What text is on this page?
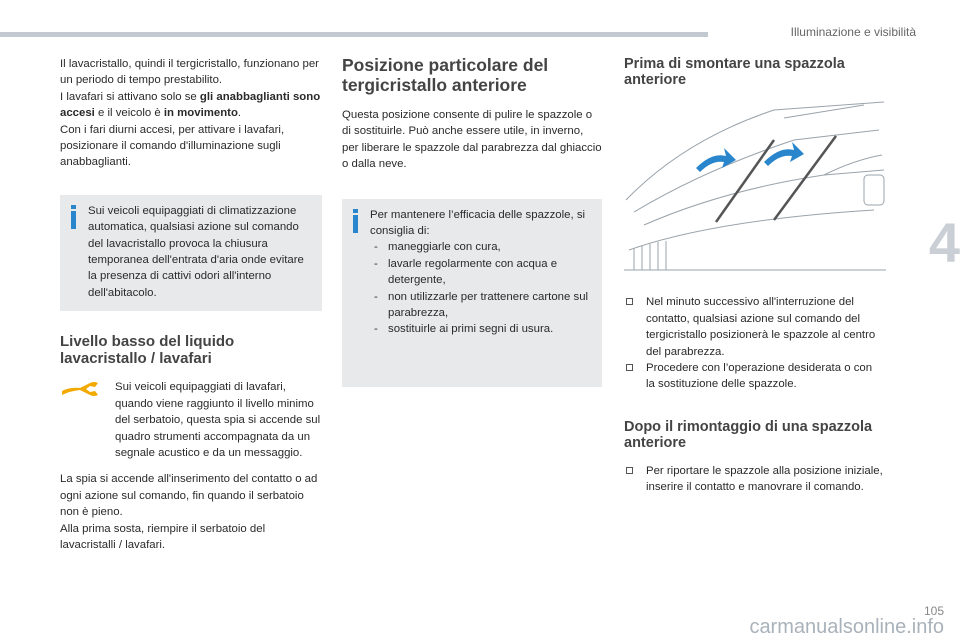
Illuminazione e visibilità
4

Il lavacristallo, quindi il tergicristallo, funzionano per un periodo di tempo prestabilito.
I lavafari si attivano solo se gli anabbaglianti sono accesi e il veicolo è in movimento.
Con i fari diurni accesi, per attivare i lavafari, posizionare il comando d'illuminazione sugli anabbaglianti.

Sui veicoli equipaggiati di climatizzazione automatica, qualsiasi azione sul comando del lavacristallo provoca la chiusura temporanea dell'entrata d'aria onde evitare la presenza di cattivi odori all'interno dell'abitacolo.
Livello basso del liquido lavacristallo / lavafari
Sui veicoli equipaggiati di lavafari, quando viene raggiunto il livello minimo del serbatoio, questa spia si accende sul quadro strumenti accompagnata da un segnale acustico e da un messaggio.

La spia si accende all'inserimento del contatto o ad ogni azione sul comando, fin quando il serbatoio non è pieno.
Alla prima sosta, riempire il serbatoio del lavacristalli / lavafari.

Posizione particolare del tergicristallo anteriore

Questa posizione consente di pulire le spazzole o di sostituirle. Può anche essere utile, in inverno, per liberare le spazzole dal parabrezza dal ghiaccio o dalla neve.

Per mantenere l’efficacia delle spazzole, si consiglia di:
- maneggiarle con cura,
- lavarle regolarmente con acqua e detergente,
- non utilizzarle per trattenere cartone sul parabrezza,
- sostituirle ai primi segni di usura.
Prima di smontare una spazzola anteriore
Nel minuto successivo all'interruzione del contatto, qualsiasi azione sul comando del tergicristallo posizionerà le spazzole al centro del parabrezza.
Procedere con l’operazione desiderata o con la sostituzione delle spazzole.
Dopo il rimontaggio di una spazzola anteriore
Per riportare le spazzole alla posizione iniziale, inserire il contatto e manovrare il comando.
105
carmanualsonline.info
